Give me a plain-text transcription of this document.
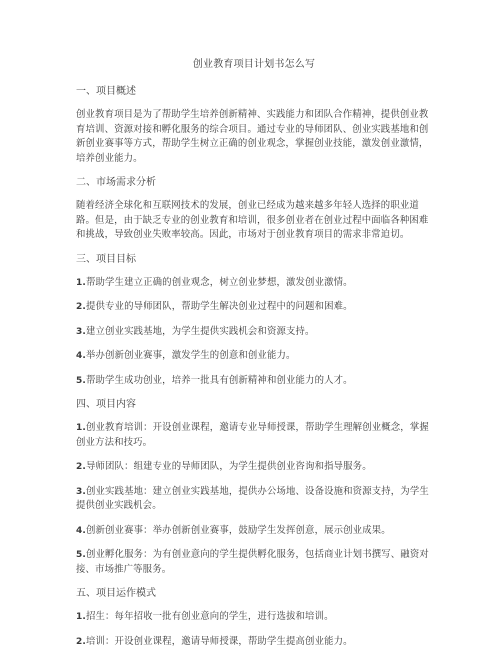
创业教育项目计划书怎么写
一、项目概述
创业教育项目是为了帮助学生培养创新精神、实践能力和团队合作精神，提供创业教育培训、资源对接和孵化服务的综合项目。通过专业的导师团队、创业实践基地和创新创业赛事等方式，帮助学生树立正确的创业观念，掌握创业技能，激发创业激情，培养创业能力。
二、市场需求分析
随着经济全球化和互联网技术的发展，创业已经成为越来越多年轻人选择的职业道路。但是，由于缺乏专业的创业教育和培训，很多创业者在创业过程中面临各种困难和挑战，导致创业失败率较高。因此，市场对于创业教育项目的需求非常迫切。
三、项目目标
1.帮助学生建立正确的创业观念，树立创业梦想，激发创业激情。
2.提供专业的导师团队，帮助学生解决创业过程中的问题和困难。
3.建立创业实践基地，为学生提供实践机会和资源支持。
4.举办创新创业赛事，激发学生的创意和创业能力。
5.帮助学生成功创业，培养一批具有创新精神和创业能力的人才。
四、项目内容
1.创业教育培训：开设创业课程，邀请专业导师授课，帮助学生理解创业概念，掌握创业方法和技巧。
2.导师团队：组建专业的导师团队，为学生提供创业咨询和指导服务。
3.创业实践基地：建立创业实践基地，提供办公场地、设备设施和资源支持，为学生提供创业实践机会。
4.创新创业赛事：举办创新创业赛事，鼓励学生发挥创意，展示创业成果。
5.创业孵化服务：为有创业意向的学生提供孵化服务，包括商业计划书撰写、融资对接、市场推广等服务。
五、项目运作模式
1.招生：每年招收一批有创业意向的学生，进行选拔和培训。
2.培训：开设创业课程，邀请导师授课，帮助学生提高创业能力。
